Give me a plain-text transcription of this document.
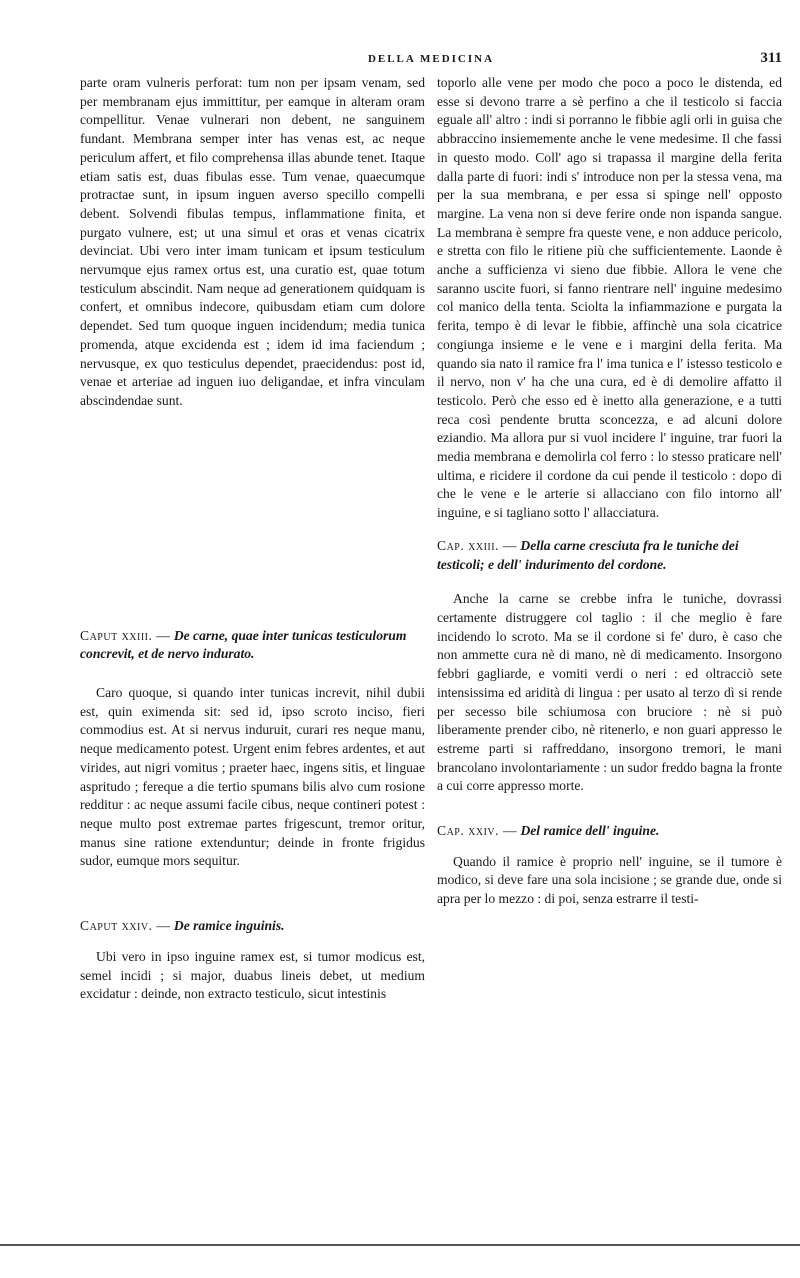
DELLA MEDICINA	311

parte oram vulneris perforat: tum non per ipsam venam, sed per membranam ejus immittitur, per eamque in alteram oram compellitur. Venae vulnerari non debent, ne sanguinem fundant. Membrana semper inter has venas est, ac neque periculum affert, et filo comprehensa illas abunde tenet. Itaque etiam satis est, duas fibulas esse. Tum venae, quaecumque protractae sunt, in ipsum inguen averso specillo compelli debent. Solvendi fibulas tempus, inflammatione finita, et purgato vulnere, est; ut una simul et oras et venas cicatrix devinciat. Ubi vero inter imam tunicam et ipsum testiculum nervumque ejus ramex ortus est, una curatio est, quae totum testiculum abscindit. Nam neque ad generationem quidquam is confert, et omnibus indecore, quibusdam etiam cum dolore dependet. Sed tum quoque inguen incidendum; media tunica promenda, atque excidenda est ; idem id ima faciendum ; nervusque, ex quo testiculus dependet, praecidendus: post id, venae et arteriae ad inguen iuo deligandae, et infra vinculam abscindendae sunt.

Caput xxiii. — De carne, quae inter tunicas testiculorum concrevit, et de nervo indurato.

Caro quoque, si quando inter tunicas increvit, nihil dubii est, quin eximenda sit: sed id, ipso scroto inciso, fieri commodius est. At si nervus induruit, curari res neque manu, neque medicamento potest. Urgent enim febres ardentes, et aut virides, aut nigri vomitus ; praeter haec, ingens sitis, et linguae aspritudo ; fereque a die tertio spumans bilis alvo cum rosione redditur : ac neque assumi facile cibus, neque contineri potest : neque multo post extremae partes frigescunt, tremor oritur, manus sine ratione extenduntur; deinde in fronte frigidus sudor, eumque mors sequitur.

Caput xxiv. — De ramice inguinis.

Ubi vero in ipso inguine ramex est, si tumor modicus est, semel incidi ; si major, duabus lineis debet, ut medium excidatur : deinde, non extracto testiculo, sicut intestinis

toporlo alle vene per modo che poco a poco le distenda, ed esse si devono trarre a sè perfino a che il testicolo si faccia eguale all' altro : indi si porranno le fibbie agli orli in guisa che abbraccino insiememente anche le vene medesime. Il che fassi in questo modo. Coll' ago si trapassa il margine della ferita dalla parte di fuori: indi s' introduce non per la stessa vena, ma per la sua membrana, e per essa si spinge nell' opposto margine. La vena non si deve ferire onde non ispanda sangue. La membrana è sempre fra queste vene, e non adduce pericolo, e stretta con filo le ritiene più che sufficientemente. Laonde è anche a sufficienza vi sieno due fibbie. Allora le vene che saranno uscite fuori, si fanno rientrare nell' inguine medesimo col manico della tenta. Sciolta la infiammazione e purgata la ferita, tempo è di levar le fibbie, affinchè una sola cicatrice congiunga insieme e le vene e i margini della ferita. Ma quando sia nato il ramice fra l' ima tunica e l' istesso testicolo e il nervo, non v' ha che una cura, ed è di demolire affatto il testicolo. Però che esso ed è inetto alla generazione, e a tutti reca così pendente brutta sconcezza, e ad alcuni dolore eziandio. Ma allora pur si vuol incidere l' inguine, trar fuori la media membrana e demolirla col ferro : lo stesso praticare nell' ultima, e ricidere il cordone da cui pende il testicolo : dopo di che le vene e le arterie si allacciano con filo intorno all' inguine, e si tagliano sotto l' allacciatura.

Cap. xxiii. — Della carne cresciuta fra le tuniche dei testicoli; e dell' indurimento del cordone.

Anche la carne se crebbe infra le tuniche, dovrassi certamente distruggere col taglio : il che meglio è fare incidendo lo scroto. Ma se il cordone si fe' duro, è caso che non ammette cura nè di mano, nè di medicamento. Insorgono febbri gagliarde, e vomiti verdi o neri : ed oltracciò sete intensissima ed aridità di lingua : per usato al terzo dì si rende per secesso bile schiumosa con bruciore : nè si può liberamente prender cibo, nè ritenerlo, e non guari appresso le estreme parti si raffreddano, insorgono tremori, le mani brancolano involontariamente : un sudor freddo bagna la fronte a cui corre appresso morte.

Cap. xxiv. — Del ramice dell' inguine.

Quando il ramice è proprio nell' inguine, se il tumore è modico, si deve fare una sola incisione ; se grande due, onde si apra per lo mezzo : di poi, senza estrarre il testi-
